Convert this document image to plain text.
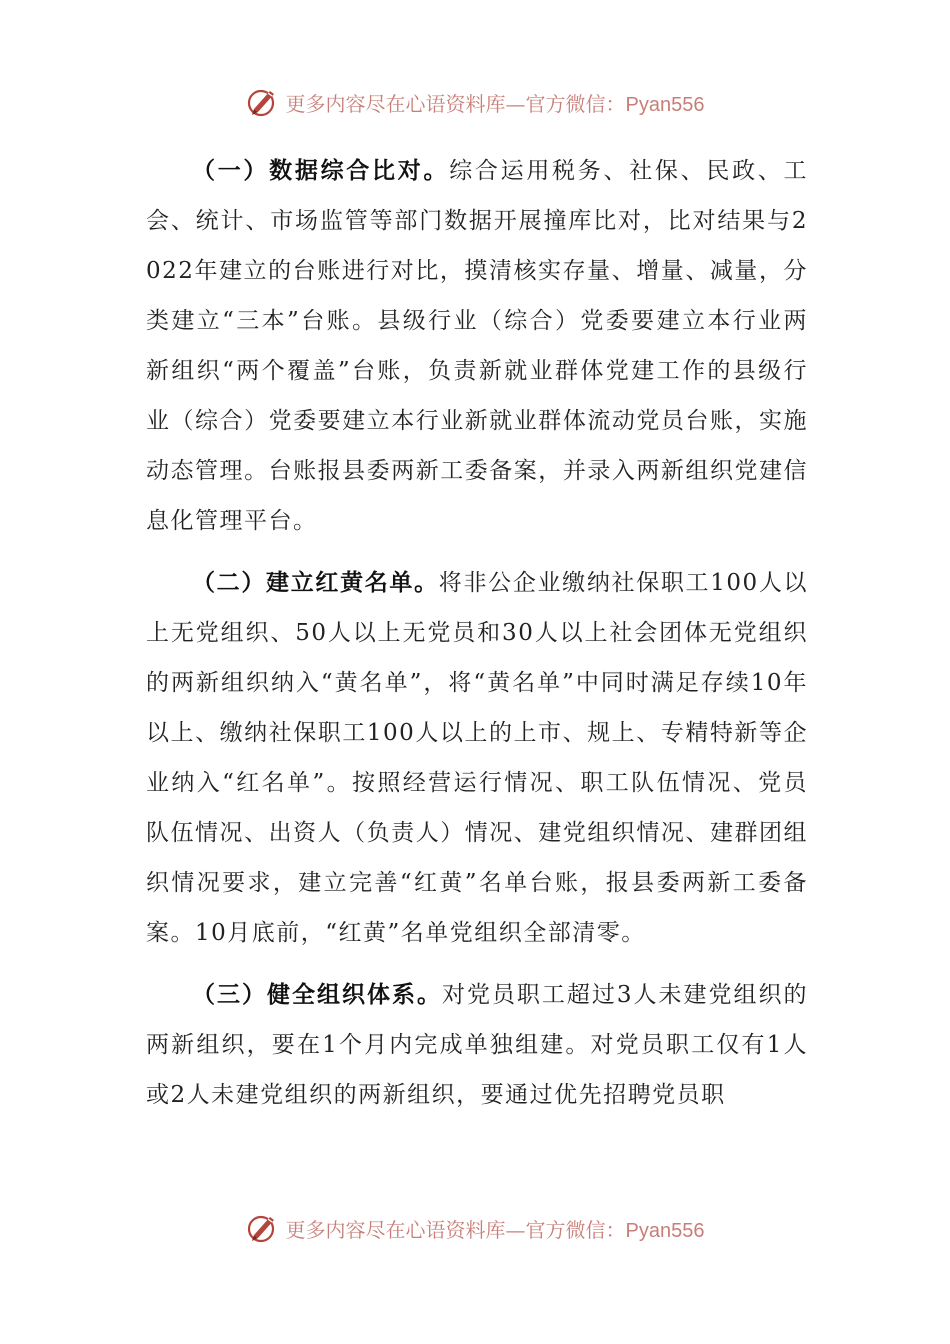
更多内容尽在心语资料库—官方微信：Pyan556

（一）数据综合比对。综合运用税务、社保、民政、工会、统计、市场监管等部门数据开展撞库比对，比对结果与2022年建立的台账进行对比，摸清核实存量、增量、减量，分类建立“三本”台账。县级行业（综合）党委要建立本行业两新组织“两个覆盖”台账，负责新就业群体党建工作的县级行业（综合）党委要建立本行业新就业群体流动党员台账，实施动态管理。台账报县委两新工委备案，并录入两新组织党建信息化管理平台。

（二）建立红黄名单。将非公企业缴纳社保职工100人以上无党组织、50人以上无党员和30人以上社会团体无党组织的两新组织纳入“黄名单”，将“黄名单”中同时满足存续10年以上、缴纳社保职工100人以上的上市、规上、专精特新等企业纳入“红名单”。按照经营运行情况、职工队伍情况、党员队伍情况、出资人（负责人）情况、建党组织情况、建群团组织情况要求，建立完善“红黄”名单台账，报县委两新工委备案。10月底前，“红黄”名单党组织全部清零。

（三）健全组织体系。对党员职工超过3人未建党组织的两新组织，要在1个月内完成单独组建。对党员职工仅有1人或2人未建党组织的两新组织，要通过优先招聘党员职

更多内容尽在心语资料库—官方微信：Pyan556
